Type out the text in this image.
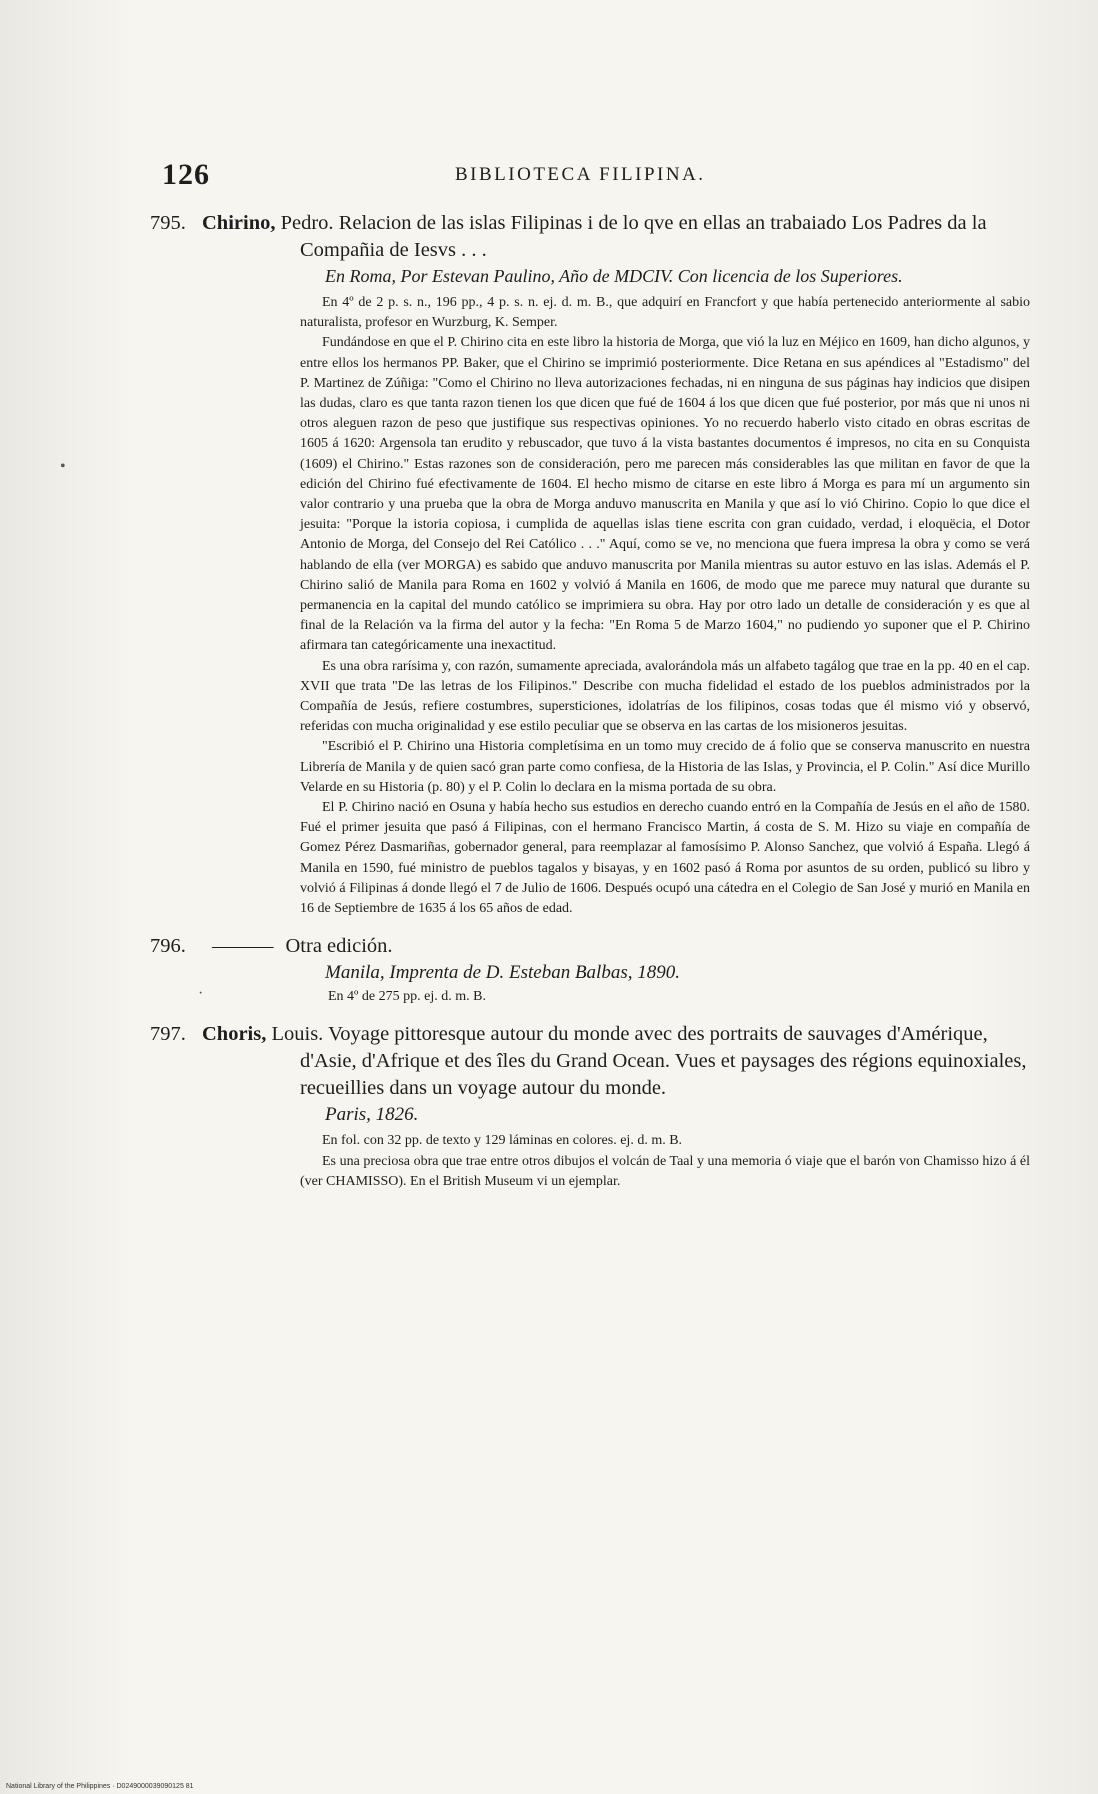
•
·
126	BIBLIOTECA FILIPINA.
795. Chirino, Pedro. Relacion de las islas Filipinas i de lo qve en ellas an trabaiado Los Padres da la Compañia de Iesvs . . .
En Roma, Por Estevan Paulino, Año de MDCIV. Con licencia de los Superiores.

En 4º de 2 p. s. n., 196 pp., 4 p. s. n. ej. d. m. B., que adquirí en Francfort y que había pertenecido anteriormente al sabio naturalista, profesor en Wurzburg, K. Semper.

Fundándose en que el P. Chirino cita en este libro la historia de Morga, que vió la luz en Méjico en 1609, han dicho algunos, y entre ellos los hermanos PP. Baker, que el Chirino se imprimió posteriormente. Dice Retana en sus apéndices al "Estadismo" del P. Martinez de Zúñiga: "Como el Chirino no lleva autorizaciones fechadas, ni en ninguna de sus páginas hay indicios que disipen las dudas, claro es que tanta razon tienen los que dicen que fué de 1604 á los que dicen que fué posterior, por más que ni unos ni otros aleguen razon de peso que justifique sus respectivas opiniones. Yo no recuerdo haberlo visto citado en obras escritas de 1605 á 1620: Argensola tan erudito y rebuscador, que tuvo á la vista bastantes documentos é impresos, no cita en su Conquista (1609) el Chirino." Estas razones son de consideración, pero me parecen más considerables las que militan en favor de que la edición del Chirino fué efectivamente de 1604. El hecho mismo de citarse en este libro á Morga es para mí un argumento sin valor contrario y una prueba que la obra de Morga anduvo manuscrita en Manila y que así lo vió Chirino. Copio lo que dice el jesuita: "Porque la istoria copiosa, i cumplida de aquellas islas tiene escrita con gran cuidado, verdad, i eloquëcia, el Dotor Antonio de Morga, del Consejo del Rei Católico . . ." Aquí, como se ve, no menciona que fuera impresa la obra y como se verá hablando de ella (ver MORGA) es sabido que anduvo manuscrita por Manila mientras su autor estuvo en las islas. Además el P. Chirino salió de Manila para Roma en 1602 y volvió á Manila en 1606, de modo que me parece muy natural que durante su permanencia en la capital del mundo católico se imprimiera su obra. Hay por otro lado un detalle de consideración y es que al final de la Relación va la firma del autor y la fecha: "En Roma 5 de Marzo 1604," no pudiendo yo suponer que el P. Chirino afirmara tan categóricamente una inexactitud.

Es una obra rarísima y, con razón, sumamente apreciada, avalorándola más un alfabeto tagálog que trae en la pp. 40 en el cap. XVII que trata "De las letras de los Filipinos." Describe con mucha fidelidad el estado de los pueblos administrados por la Compañía de Jesús, refiere costumbres, supersticiones, idolatrías de los filipinos, cosas todas que él mismo vió y observó, referidas con mucha originalidad y ese estilo peculiar que se observa en las cartas de los misioneros jesuitas.

"Escribió el P. Chirino una Historia completísima en un tomo muy crecido de á folio que se conserva manuscrito en nuestra Librería de Manila y de quien sacó gran parte como confiesa, de la Historia de las Islas, y Provincia, el P. Colin." Así dice Murillo Velarde en su Historia (p. 80) y el P. Colin lo declara en la misma portada de su obra.

El P. Chirino nació en Osuna y había hecho sus estudios en derecho cuando entró en la Compañía de Jesús en el año de 1580. Fué el primer jesuita que pasó á Filipinas, con el hermano Francisco Martin, á costa de S. M. Hizo su viaje en compañía de Gomez Pérez Dasmariñas, gobernador general, para reemplazar al famosísimo P. Alonso Sanchez, que volvió á España. Llegó á Manila en 1590, fué ministro de pueblos tagalos y bisayas, y en 1602 pasó á Roma por asuntos de su orden, publicó su libro y volvió á Filipinas á donde llegó el 7 de Julio de 1606. Después ocupó una cátedra en el Colegio de San José y murió en Manila en 16 de Septiembre de 1635 á los 65 años de edad.

796. ——— Otra edición.
Manila, Imprenta de D. Esteban Balbas, 1890.

En 4º de 275 pp. ej. d. m. B.

797. Choris, Louis. Voyage pittoresque autour du monde avec des portraits de sauvages d'Amérique, d'Asie, d'Afrique et des îles du Grand Ocean. Vues et paysages des régions equinoxiales, recueillies dans un voyage autour du monde.
Paris, 1826.

En fol. con 32 pp. de texto y 129 láminas en colores. ej. d. m. B.

Es una preciosa obra que trae entre otros dibujos el volcán de Taal y una memoria ó viaje que el barón von Chamisso hizo á él (ver CHAMISSO). En el British Museum vi un ejemplar.

National Library of the Philippines · D0249000039090125 81
